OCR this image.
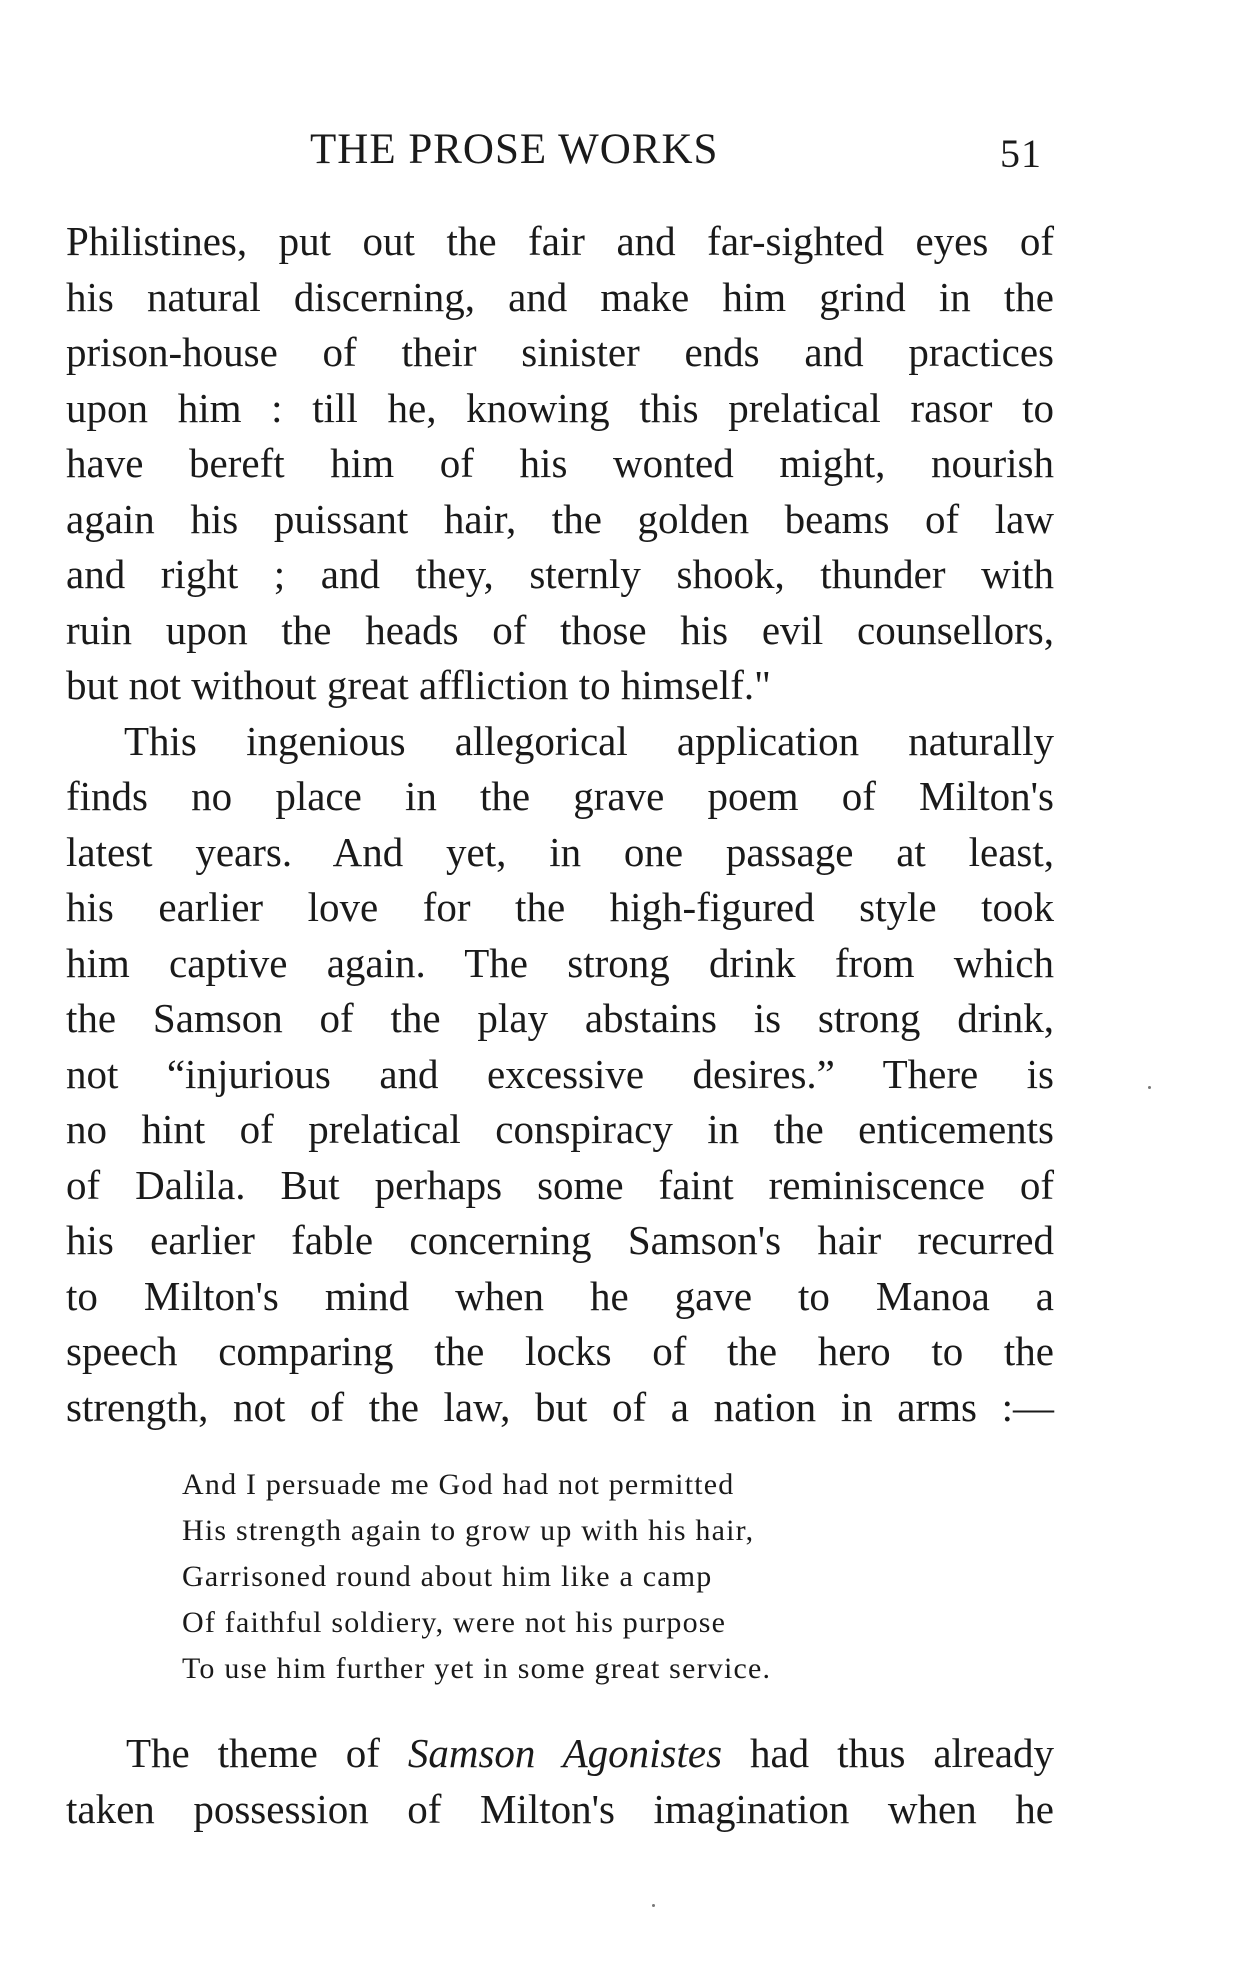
THE PROSE WORKS	51
Philistines, put out the fair and far-sighted eyes of
his natural discerning, and make him grind in the
prison-house of their sinister ends and practices
upon him : till he, knowing this prelatical rasor to
have bereft him of his wonted might, nourish
again his puissant hair, the golden beams of law
and right ; and they, sternly shook, thunder with
ruin upon the heads of those his evil counsellors,
but not without great affliction to himself."
This ingenious allegorical application naturally
finds no place in the grave poem of Milton's
latest years. And yet, in one passage at least,
his earlier love for the high-figured style took
him captive again. The strong drink from which
the Samson of the play abstains is strong drink,
not “injurious and excessive desires.” There is
no hint of prelatical conspiracy in the enticements
of Dalila. But perhaps some faint reminiscence of
his earlier fable concerning Samson's hair recurred
to Milton's mind when he gave to Manoa a
speech comparing the locks of the hero to the
strength, not of the law, but of a nation in arms :—
And I persuade me God had not permitted
His strength again to grow up with his hair,
Garrisoned round about him like a camp
Of faithful soldiery, were not his purpose
To use him further yet in some great service.
The theme of Samson Agonistes had thus already
taken possession of Milton's imagination when he
